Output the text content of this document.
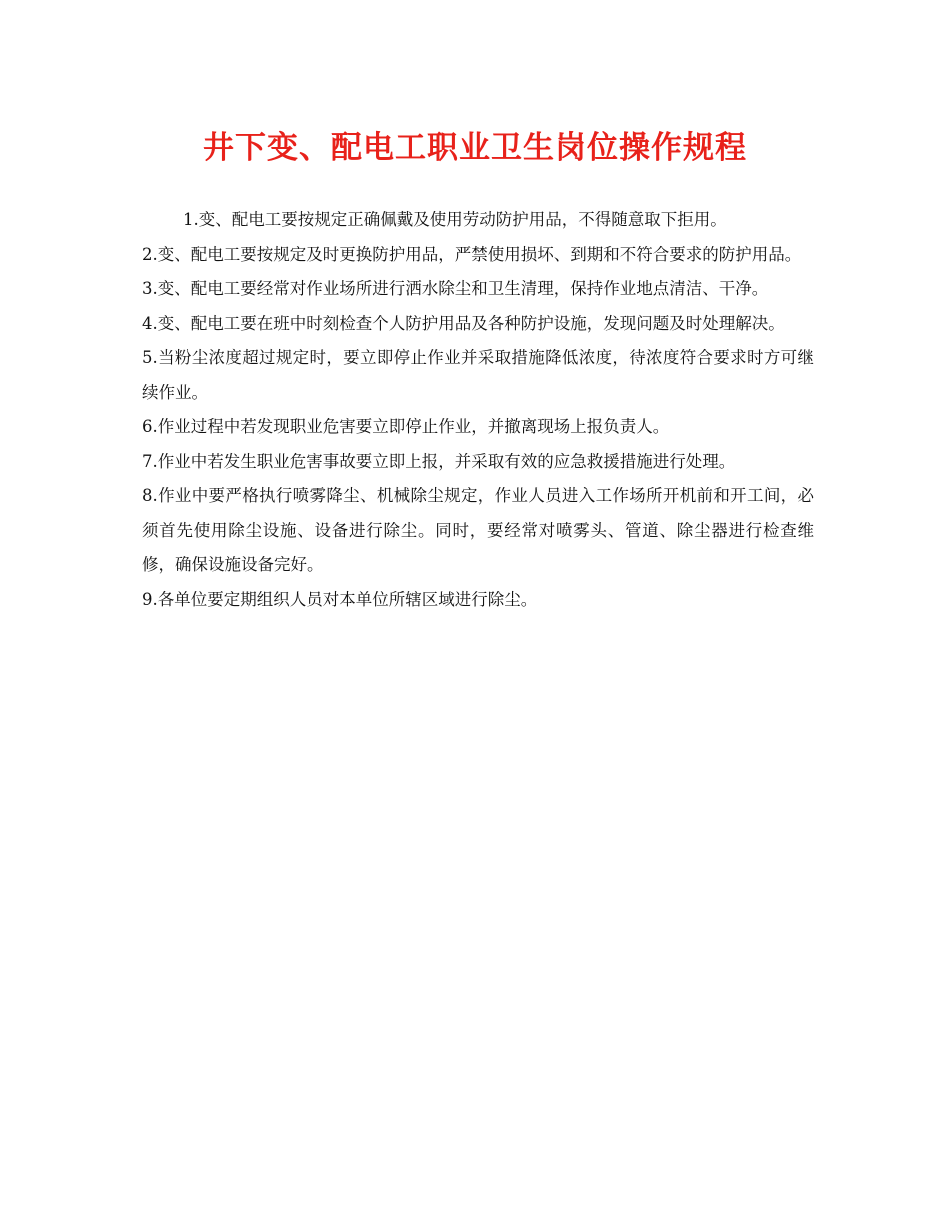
井下变、配电工职业卫生岗位操作规程

1.变、配电工要按规定正确佩戴及使用劳动防护用品，不得随意取下拒用。

2.变、配电工要按规定及时更换防护用品，严禁使用损坏、到期和不符合要求的防护用品。

3.变、配电工要经常对作业场所进行洒水除尘和卫生清理，保持作业地点清洁、干净。

4.变、配电工要在班中时刻检查个人防护用品及各种防护设施，发现问题及时处理解决。

5.当粉尘浓度超过规定时，要立即停止作业并采取措施降低浓度，待浓度符合要求时方可继续作业。

6.作业过程中若发现职业危害要立即停止作业，并撤离现场上报负责人。

7.作业中若发生职业危害事故要立即上报，并采取有效的应急救援措施进行处理。

8.作业中要严格执行喷雾降尘、机械除尘规定，作业人员进入工作场所开机前和开工间，必须首先使用除尘设施、设备进行除尘。同时，要经常对喷雾头、管道、除尘器进行检查维修，确保设施设备完好。

9.各单位要定期组织人员对本单位所辖区域进行除尘。
